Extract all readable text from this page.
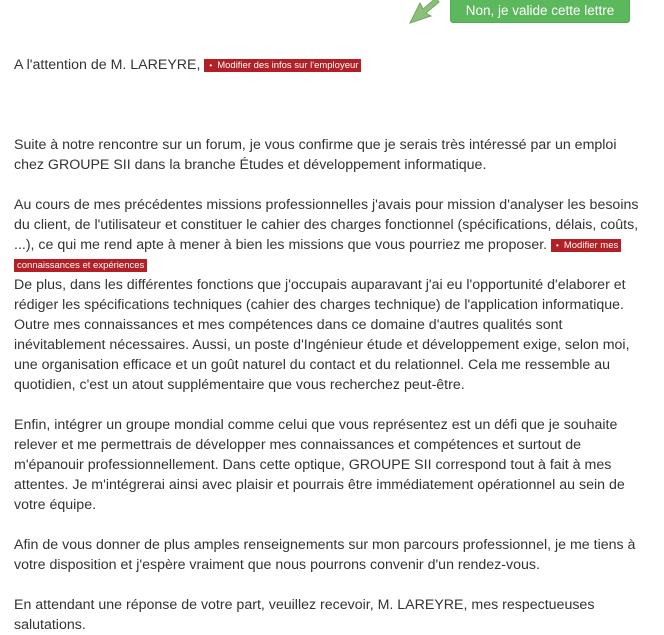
Non, je valide cette lettre

A l'attention de M. LAREYRE, • Modifier des infos sur l'employeur

Suite à notre rencontre sur un forum, je vous confirme que je serais très intéressé par un emploi chez GROUPE SII dans la branche Études et développement informatique.

Au cours de mes précédentes missions professionnelles j'avais pour mission d'analyser les besoins du client, de l'utilisateur et constituer le cahier des charges fonctionnel (spécifications, délais, coûts, ...), ce qui me rend apte à mener à bien les missions que vous pourriez me proposer. • Modifier mes connaissances et expériences

De plus, dans les différentes fonctions que j'occupais auparavant j'ai eu l'opportunité d'elaborer et rédiger les spécifications techniques (cahier des charges technique) de l'application informatique. Outre mes connaissances et mes compétences dans ce domaine d'autres qualités sont inévitablement nécessaires. Aussi, un poste d'Ingénieur étude et développement exige, selon moi, une organisation efficace et un goût naturel du contact et du relationnel. Cela me ressemble au quotidien, c'est un atout supplémentaire que vous recherchez peut-être.

Enfin, intégrer un groupe mondial comme celui que vous représentez est un défi que je souhaite relever et me permettrais de développer mes connaissances et compétences et surtout de m'épanouir professionnellement. Dans cette optique, GROUPE SII correspond tout à fait à mes attentes. Je m'intégrerai ainsi avec plaisir et pourrais être immédiatement opérationnel au sein de votre équipe.

Afin de vous donner de plus amples renseignements sur mon parcours professionnel, je me tiens à votre disposition et j'espère vraiment que nous pourrons convenir d'un rendez-vous.

En attendant une réponse de votre part, veuillez recevoir, M. LAREYRE, mes respectueuses salutations.
